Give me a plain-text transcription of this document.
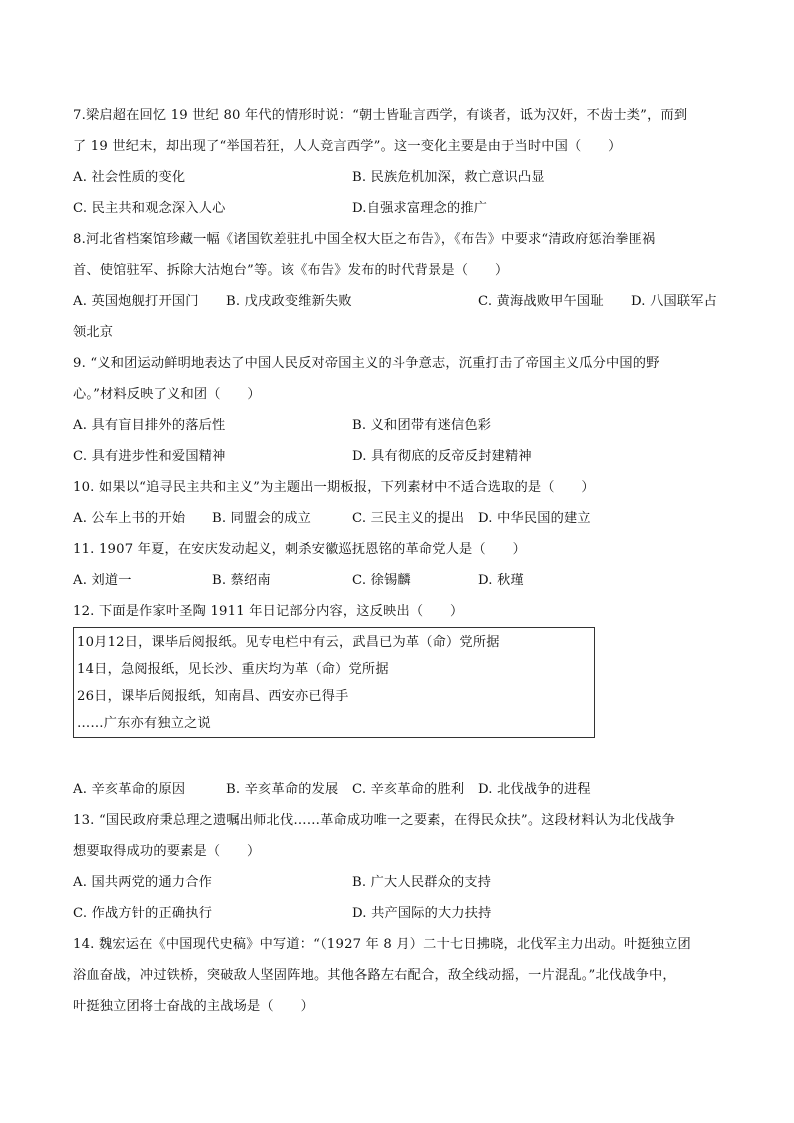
7.梁启超在回忆 19 世纪 80 年代的情形时说：“朝士皆耻言西学，有谈者，诋为汉奸，不齿士类”，而到
了 19 世纪末，却出现了“举国若狂，人人竞言西学”。这一变化主要是由于当时中国（　　）
A. 社会性质的变化	B. 民族危机加深，救亡意识凸显
C. 民主共和观念深入人心	D.自强求富理念的推广
8.河北省档案馆珍藏一幅《诸国钦差驻扎中国全权大臣之布告》，《布告》中要求“清政府惩治拳匪祸
首、使馆驻军、拆除大沽炮台”等。该《布告》发布的时代背景是（　　）
A. 英国炮舰打开国门 B. 戊戌政变维新失败	C. 黄海战败甲午国耻 D. 八国联军占
领北京
9. “义和团运动鲜明地表达了中国人民反对帝国主义的斗争意志，沉重打击了帝国主义瓜分中国的野
心。”材料反映了义和团（　　）
A. 具有盲目排外的落后性	B. 义和团带有迷信色彩
C. 具有进步性和爱国精神	D. 具有彻底的反帝反封建精神
10. 如果以“追寻民主共和主义”为主题出一期板报，下列素材中不适合选取的是（　　）
A. 公车上书的开始 B. 同盟会的成立	C. 三民主义的提出 D. 中华民国的建立
11. 1907 年夏，在安庆发动起义，刺杀安徽巡抚恩铭的革命党人是（　　）
A. 刘道一	B. 蔡绍南	C. 徐锡麟	D. 秋瑾
12. 下面是作家叶圣陶 1911 年日记部分内容，这反映出（　　）
10月12日，课毕后阅报纸。见专电栏中有云，武昌已为革（命）党所据
14日，急阅报纸，见长沙、重庆均为革（命）党所据
26日，课毕后阅报纸，知南昌、西安亦已得手
……广东亦有独立之说
A. 辛亥革命的原因	B. 辛亥革命的发展 C. 辛亥革命的胜利 D. 北伐战争的进程
13. “国民政府秉总理之遗嘱出师北伐……革命成功唯一之要素，在得民众扶”。这段材料认为北伐战争
想要取得成功的要素是（　　）
A. 国共两党的通力合作	B. 广大人民群众的支持
C. 作战方针的正确执行	D. 共产国际的大力扶持
14. 魏宏运在《中国现代史稿》中写道：“（1927 年 8 月）二十七日拂晓，北伐军主力出动。叶挺独立团
浴血奋战，冲过铁桥，突破敌人坚固阵地。其他各路左右配合，敌全线动摇，一片混乱。”北伐战争中，
叶挺独立团将士奋战的主战场是（　　）
